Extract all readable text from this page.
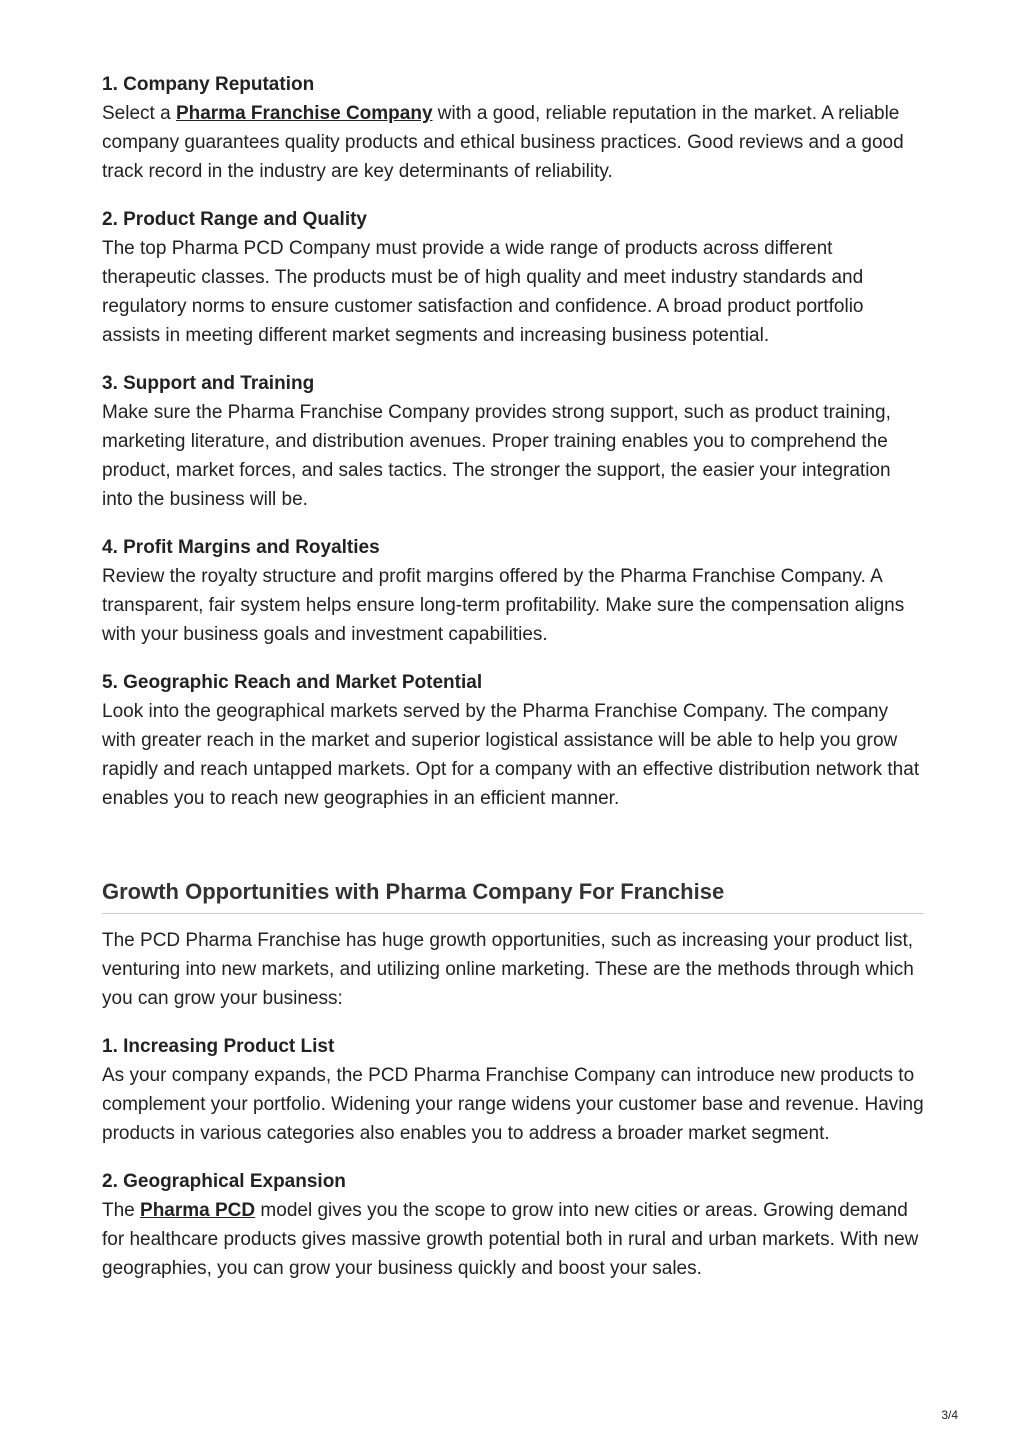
1. Company Reputation

Select a Pharma Franchise Company with a good, reliable reputation in the market. A reliable company guarantees quality products and ethical business practices. Good reviews and a good track record in the industry are key determinants of reliability.

2. Product Range and Quality

The top Pharma PCD Company must provide a wide range of products across different therapeutic classes. The products must be of high quality and meet industry standards and regulatory norms to ensure customer satisfaction and confidence. A broad product portfolio assists in meeting different market segments and increasing business potential.

3. Support and Training

Make sure the Pharma Franchise Company provides strong support, such as product training, marketing literature, and distribution avenues. Proper training enables you to comprehend the product, market forces, and sales tactics. The stronger the support, the easier your integration into the business will be.

4. Profit Margins and Royalties

Review the royalty structure and profit margins offered by the Pharma Franchise Company. A transparent, fair system helps ensure long-term profitability. Make sure the compensation aligns with your business goals and investment capabilities.

5. Geographic Reach and Market Potential

Look into the geographical markets served by the Pharma Franchise Company. The company with greater reach in the market and superior logistical assistance will be able to help you grow rapidly and reach untapped markets. Opt for a company with an effective distribution network that enables you to reach new geographies in an efficient manner.

Growth Opportunities with Pharma Company For Franchise

The PCD Pharma Franchise has huge growth opportunities, such as increasing your product list, venturing into new markets, and utilizing online marketing. These are the methods through which you can grow your business:

1. Increasing Product List

As your company expands, the PCD Pharma Franchise Company can introduce new products to complement your portfolio. Widening your range widens your customer base and revenue. Having products in various categories also enables you to address a broader market segment.

2. Geographical Expansion

The Pharma PCD model gives you the scope to grow into new cities or areas. Growing demand for healthcare products gives massive growth potential both in rural and urban markets. With new geographies, you can grow your business quickly and boost your sales.

3/4
